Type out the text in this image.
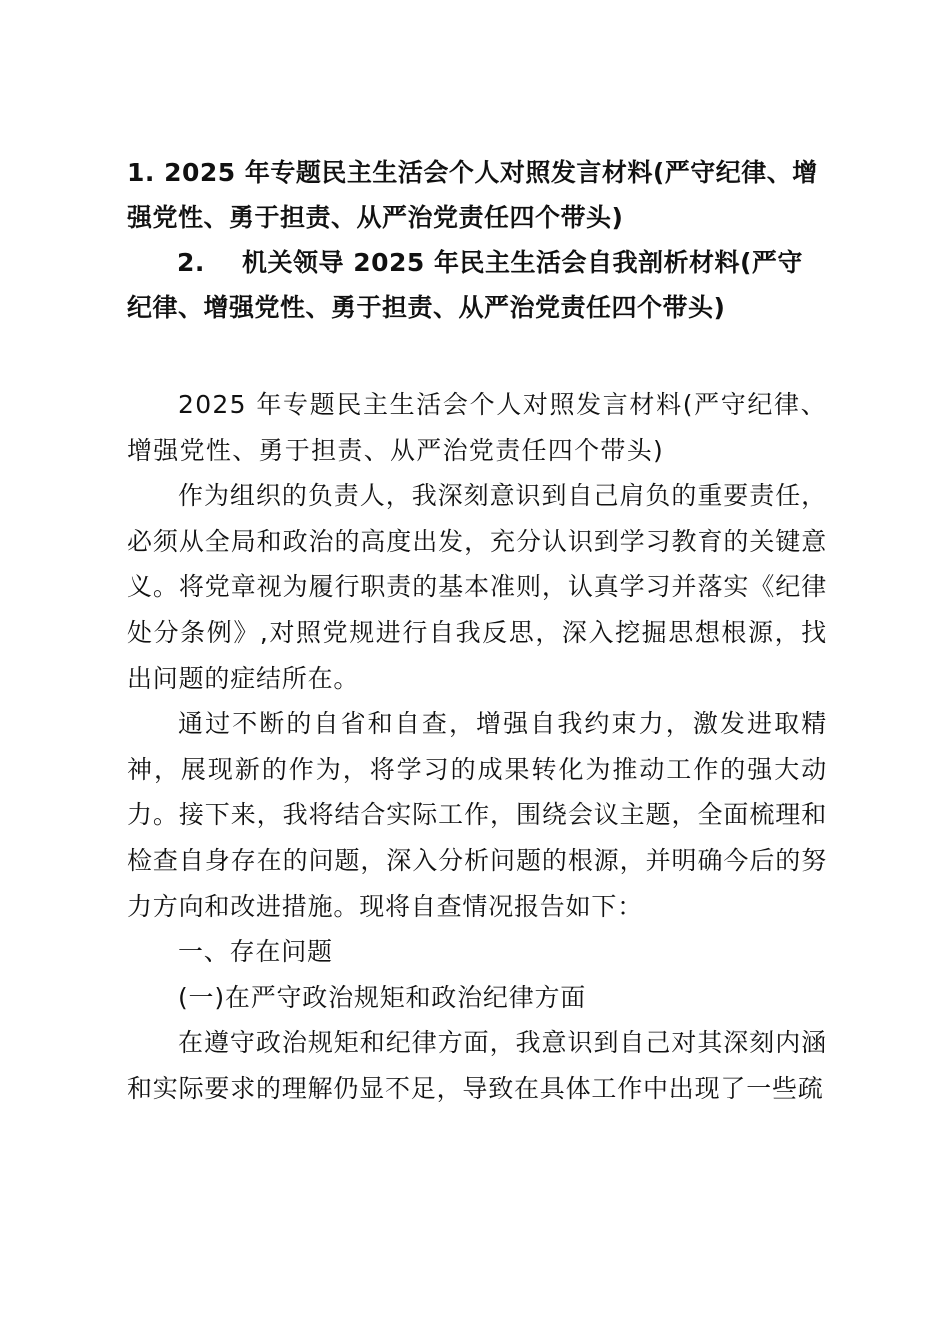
1. 2025 年专题民主生活会个人对照发言材料(严守纪律、增强党性、勇于担责、从严治党责任四个带头)

2. 机关领导 2025 年民主生活会自我剖析材料(严守纪律、增强党性、勇于担责、从严治党责任四个带头)

2025 年专题民主生活会个人对照发言材料(严守纪律、增强党性、勇于担责、从严治党责任四个带头)

作为组织的负责人，我深刻意识到自己肩负的重要责任，必须从全局和政治的高度出发，充分认识到学习教育的关键意义。将党章视为履行职责的基本准则，认真学习并落实《纪律处分条例》,对照党规进行自我反思，深入挖掘思想根源，找出问题的症结所在。

通过不断的自省和自查，增强自我约束力，激发进取精神，展现新的作为，将学习的成果转化为推动工作的强大动力。接下来，我将结合实际工作，围绕会议主题，全面梳理和检查自身存在的问题，深入分析问题的根源，并明确今后的努力方向和改进措施。现将自查情况报告如下：

一、存在问题

(一)在严守政治规矩和政治纪律方面

在遵守政治规矩和纪律方面，我意识到自己对其深刻内涵和实际要求的理解仍显不足，导致在具体工作中出现了一些疏
